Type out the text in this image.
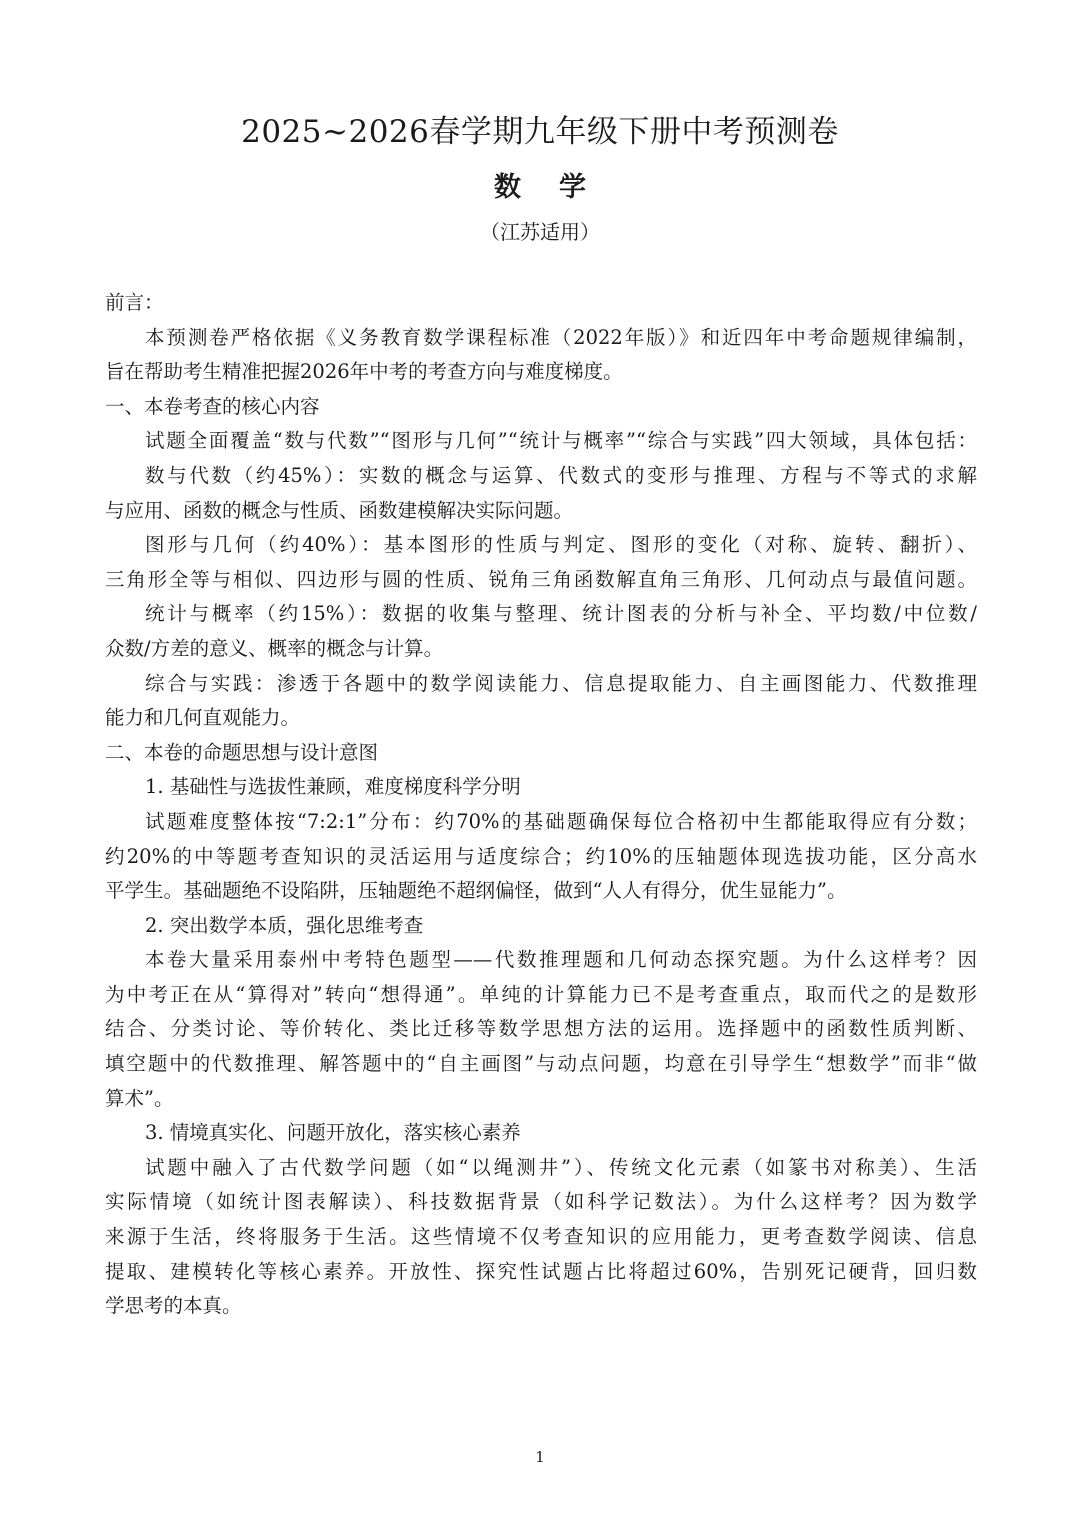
2025~2026春学期九年级下册中考预测卷
数学
（江苏适用）
前言：
本预测卷严格依据《义务教育数学课程标准（2022年版）》和近四年中考命题规律编制，
旨在帮助考生精准把握2026年中考的考查方向与难度梯度。
一、本卷考查的核心内容
试题全面覆盖“数与代数”“图形与几何”“统计与概率”“综合与实践”四大领域，具体包括：
数与代数（约45%）：实数的概念与运算、代数式的变形与推理、方程与不等式的求解
与应用、函数的概念与性质、函数建模解决实际问题。
图形与几何（约40%）：基本图形的性质与判定、图形的变化（对称、旋转、翻折）、
三角形全等与相似、四边形与圆的性质、锐角三角函数解直角三角形、几何动点与最值问题。
统计与概率（约15%）：数据的收集与整理、统计图表的分析与补全、平均数/中位数/
众数/方差的意义、概率的概念与计算。
综合与实践：渗透于各题中的数学阅读能力、信息提取能力、自主画图能力、代数推理
能力和几何直观能力。
二、本卷的命题思想与设计意图
1. 基础性与选拔性兼顾，难度梯度科学分明
试题难度整体按“7:2:1”分布：约70%的基础题确保每位合格初中生都能取得应有分数；
约20%的中等题考查知识的灵活运用与适度综合；约10%的压轴题体现选拔功能，区分高水
平学生。基础题绝不设陷阱，压轴题绝不超纲偏怪，做到“人人有得分，优生显能力”。
2. 突出数学本质，强化思维考查
本卷大量采用泰州中考特色题型——代数推理题和几何动态探究题。为什么这样考？因
为中考正在从“算得对”转向“想得通”。单纯的计算能力已不是考查重点，取而代之的是数形
结合、分类讨论、等价转化、类比迁移等数学思想方法的运用。选择题中的函数性质判断、
填空题中的代数推理、解答题中的“自主画图”与动点问题，均意在引导学生“想数学”而非“做
算术”。
3. 情境真实化、问题开放化，落实核心素养
试题中融入了古代数学问题（如“以绳测井”）、传统文化元素（如篆书对称美）、生活
实际情境（如统计图表解读）、科技数据背景（如科学记数法）。为什么这样考？因为数学
来源于生活，终将服务于生活。这些情境不仅考查知识的应用能力，更考查数学阅读、信息
提取、建模转化等核心素养。开放性、探究性试题占比将超过60%，告别死记硬背，回归数
学思考的本真。
1
